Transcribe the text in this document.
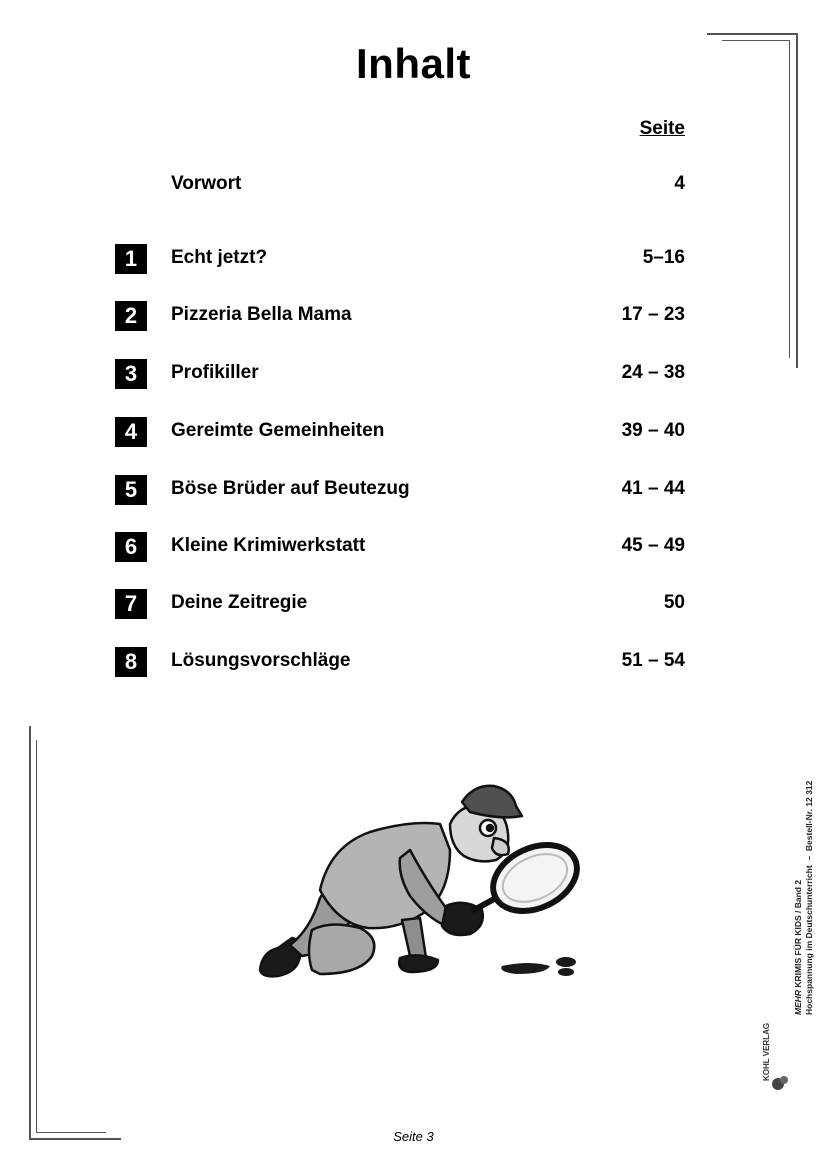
Inhalt
Seite
Vorwort	4
1	Echt jetzt?	5–16
2	Pizzeria Bella Mama	17 – 23
3	Profikiller	24 – 38
4	Gereimte Gemeinheiten	39 – 40
5	Böse Brüder auf Beutezug	41 – 44
6	Kleine Krimiwerkstatt	45 – 49
7	Deine Zeitregie	50
8	Lösungsvorschläge	51 – 54
MEHR KRIMIS FÜR KIDS / Band 2 Hochspannung im Deutschunterricht  –  Bestell-Nr. 12 312
KOHL VERLAG
Seite 3
